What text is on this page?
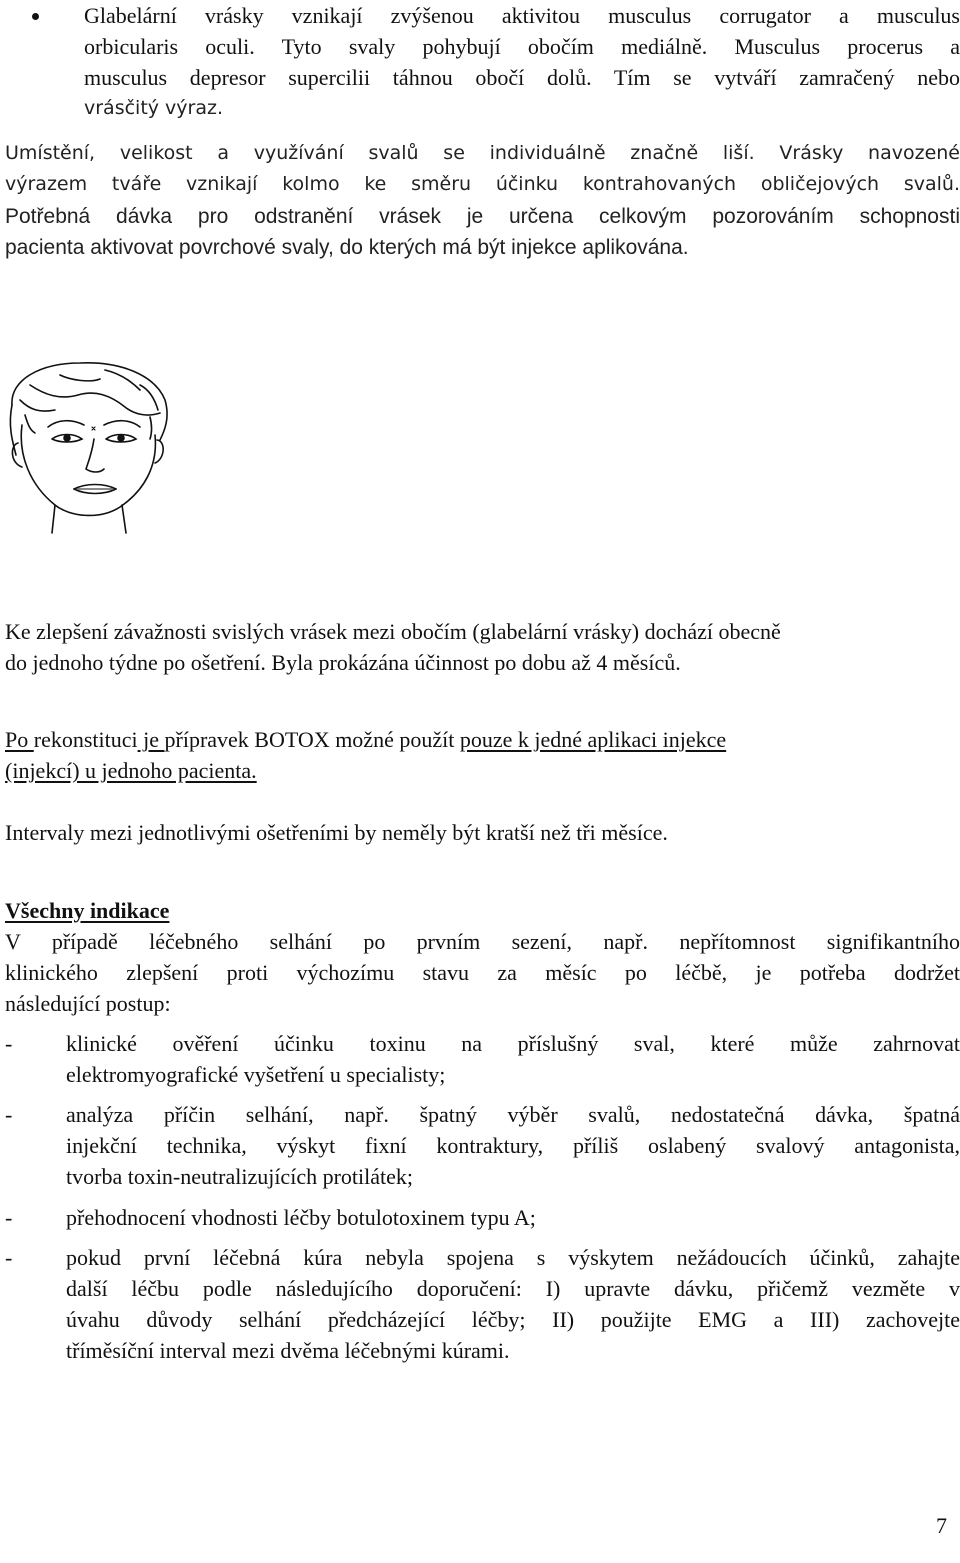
Glabelární vrásky vznikají zvýšenou aktivitou musculus corrugator a musculus
orbicularis oculi. Tyto svaly pohybují obočím mediálně. Musculus procerus a
musculus depresor supercilii táhnou obočí dolů. Tím se vytváří zamračený nebo
vrásčitý výraz.
Umístění, velikost a využívání svalů se individuálně značně liší. Vrásky navozené
výrazem tváře vznikají kolmo ke směru účinku kontrahovaných obličejových svalů.
Potřebná dávka pro odstranění vrásek je určena celkovým pozorováním schopnosti
pacienta aktivovat povrchové svaly, do kterých má být injekce aplikována.
Ke zlepšení závažnosti svislých vrásek mezi obočím (glabelární vrásky) dochází obecně
do jednoho týdne po ošetření. Byla prokázána účinnost po dobu až 4 měsíců.
Po rekonstituci je přípravek BOTOX možné použít pouze k jedné aplikaci injekce
(injekcí) u jednoho pacienta.
Intervaly mezi jednotlivými ošetřeními by neměly být kratší než tři měsíce.
Všechny indikace
V případě léčebného selhání po prvním sezení, např. nepřítomnost signifikantního
klinického zlepšení proti výchozímu stavu za měsíc po léčbě, je potřeba dodržet
následující postup:
- klinické ověření účinku toxinu na příslušný sval, které může zahrnovat
elektromyografické vyšetření u specialisty;
- analýza příčin selhání, např. špatný výběr svalů, nedostatečná dávka, špatná
injekční technika, výskyt fixní kontraktury, příliš oslabený svalový antagonista,
tvorba toxin-neutralizujících protilátek;
- přehodnocení vhodnosti léčby botulotoxinem typu A;
- pokud první léčebná kúra nebyla spojena s výskytem nežádoucích účinků, zahajte
další léčbu podle následujícího doporučení: I) upravte dávku, přičemž vezměte v
úvahu důvody selhání předcházející léčby; II) použijte EMG a III) zachovejte
tříměsíční interval mezi dvěma léčebnými kúrami.
7
